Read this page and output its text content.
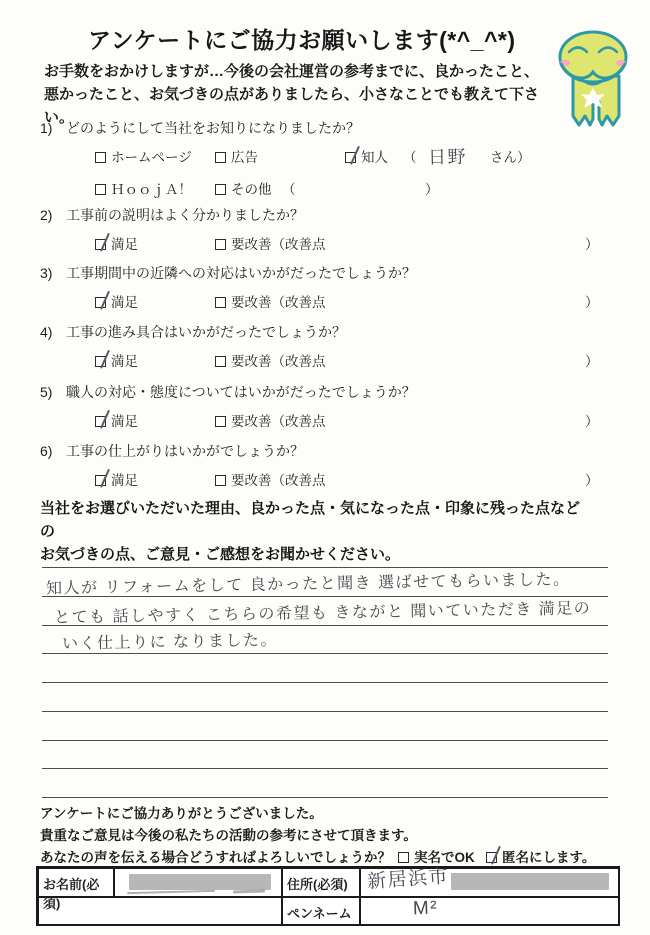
アンケートにご協力お願いします(*^_^*)
お手数をおかけしますが…今後の会社運営の参考までに、良かったこと、
悪かったこと、お気づきの点がありましたら、小さなことでも教えて下さい。
1) どのようにして当社をお知りになりましたか？
ホームページ	広告	知人 （ 日野 さん）
ＨｏｏｊＡ！	その他 （	）
2) 工事前の説明はよく分かりましたか？
満足	要改善（改善点	）
3) 工事期間中の近隣への対応はいかがだったでしょうか？
満足	要改善（改善点	）
4) 工事の進み具合はいかがだったでしょうか？
満足	要改善（改善点	）
5) 職人の対応・態度についてはいかがだったでしょうか？
満足	要改善（改善点	）
6) 工事の仕上がりはいかがでしょうか？
満足	要改善（改善点	）
当社をお選びいただいた理由、良かった点・気になった点・印象に残った点などの
お気づきの点、ご意見・ご感想をお聞かせください。
知人が リフォームをして 良かったと聞き 選ばせてもらいました。
とても 話しやすく こちらの希望も きながと 聞いていただき 満足の
いく仕上りに なりました。
アンケートにご協力ありがとうございました。
貴重なご意見は今後の私たちの活動の参考にさせて頂きます。
あなたの声を伝える場合どうすればよろしいでしょうか？	実名でOK	匿名にします。
お名前(必須)
住所(必須) 新居浜市
ペンネーム	M²
